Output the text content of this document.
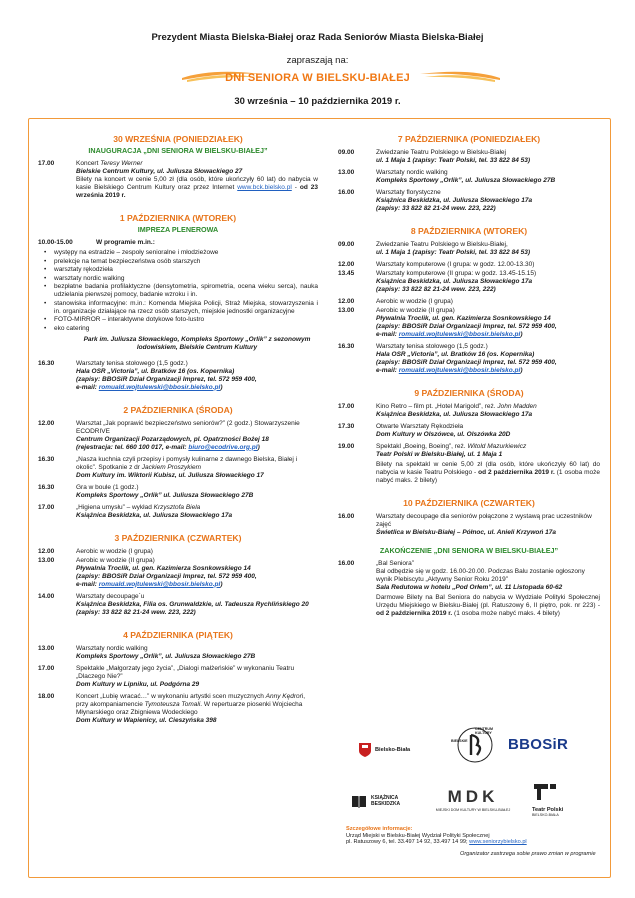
Prezydent Miasta Bielska-Białej oraz Rada Seniorów Miasta Bielska-Białej
zapraszają na:
DNI SENIORA W BIELSKU-BIAŁEJ
30 września – 10 października 2019 r.
30 WRZEŚNIA (PONIEDZIAŁEK)
INAUGURACJA „DNI SENIORA W BIELSKU-BIAŁEJ”
17.00	Koncert Teresy Werner
Bielskie Centrum Kultury, ul. Juliusza Słowackiego 27
Bilety na koncert w cenie 5,00 zł (dla osób, które ukończyły 60 lat) do nabycia w kasie Bielskiego Centrum Kultury oraz przez Internet www.bck.bielsko.pl - od 23 września 2019 r.
1 PAŹDZIERNIKA (WTOREK)
IMPREZA PLENEROWA
10.00-15.00	W programie m.in.:
• występy na estradzie – zespoły senioralne i młodzieżowe
• prelekcje na temat bezpieczeństwa osób starszych
• warsztaty rękodzieła
• warsztaty nordic walking
• bezpłatne badania profilaktyczne (densytometria, spirometria, ocena wieku serca), nauka udzielania pierwszej pomocy, badanie wzroku i in.
• stanowiska informacyjne: m.in.: Komenda Miejska Policji, Straż Miejska, stowarzyszenia i in. organizacje działające na rzecz osób starszych, miejskie jednostki organizacyjne
• FOTO-MIRROR – interaktywne dotykowe foto-lustro
• eko catering
Park im. Juliusza Słowackiego, Kompleks Sportowy „Orlik” z sezonowym lodowiskiem, Bielskie Centrum Kultury
16.30	Warsztaty tenisa stołowego (1,5 godz.)
Hala OSR „Victoria”, ul. Bratków 16 (os. Kopernika)
(zapisy: BBOSiR Dział Organizacji Imprez, tel. 572 959 400,
e-mail: romuald.wojtulewski@bbosir.bielsko.pl)
2 PAŹDZIERNIKA (ŚRODA)
12.00	Warsztat „Jak poprawić bezpieczeństwo seniorów?” (2 godz.) Stowarzyszenie ECODRIVE
Centrum Organizacji Pozarządowych, pl. Opatrzności Bożej 18
(rejestracja: tel. 660 100 017, e-mail: biuro@ecodrive.org.pl)
16.30	„Nasza kuchnia czyli przepisy i pomysły kulinarne z dawnego Bielska, Białej i okolic”. Spotkanie z dr Jackiem Proszykiem
Dom Kultury im. Wiktorii Kubisz, ul. Juliusza Słowackiego 17
16.30	Gra w boule (1 godz.)
Kompleks Sportowy „Orlik” ul. Juliusza Słowackiego 27B
17.00	„Higiena umysłu” – wykład Krzysztofa Biela
Książnica Beskidzka, ul. Juliusza Słowackiego 17a
3 PAŹDZIERNIKA (CZWARTEK)
12.00	Aerobic w wodzie (I grupa)
13.00	Aerobic w wodzie (II grupa)
Pływalnia Troclik, ul. gen. Kazimierza Sosnkowskiego 14
(zapisy: BBOSiR Dział Organizacji Imprez, tel. 572 959 400,
e-mail: romuald.wojtulewski@bbosir.bielsko.pl)
14.00	Warsztaty decoupage`u
Książnica Beskidzka, Filia os. Grunwaldzkie, ul. Tadeusza Rychlińskiego 20 (zapisy: 33 822 82 21-24 wew. 223, 222)
4 PAŹDZIERNIKA (PIĄTEK)
13.00	Warsztaty nordic walking
Kompleks Sportowy „Orlik”, ul. Juliusza Słowackiego 27B
17.00	Spektakle „Małgorzaty jego życia”, „Dialogi małżeńskie” w wykonaniu Teatru „Dlaczego Nie?”
Dom Kultury w Lipniku, ul. Podgórna 29
18.00	Koncert „Lubię wracać…” w wykonaniu artystki scen muzycznych Anny Kędroń, przy akompaniamencie Tymoteusza Tomali. W repertuarze piosenki Wojciecha Młynarskiego oraz Zbigniewa Wodeckiego
Dom Kultury w Wapienicy, ul. Cieszyńska 398
7 PAŹDZIERNIKA (PONIEDZIAŁEK)
09.00	Zwiedzanie Teatru Polskiego w Bielsku-Białej
ul. 1 Maja 1 (zapisy: Teatr Polski, tel. 33 822 84 53)
13.00	Warsztaty nordic walking
Kompleks Sportowy „Orlik”, ul. Juliusza Słowackiego 27B
16.00	Warsztaty florystyczne
Książnica Beskidzka, ul. Juliusza Słowackiego 17a
(zapisy: 33 822 82 21-24 wew. 223, 222)
8 PAŹDZIERNIKA (WTOREK)
09.00	Zwiedzanie Teatru Polskiego w Bielsku-Białej,
ul. 1 Maja 1 (zapisy: Teatr Polski, tel. 33 822 84 53)
12.00	Warsztaty komputerowe (I grupa: w godz. 12.00-13.30)
13.45	Warsztaty komputerowe (II grupa: w godz. 13.45-15.15)
Książnica Beskidzka, ul. Juliusza Słowackiego 17a
(zapisy: 33 822 82 21-24 wew. 223, 222)
12.00	Aerobic w wodzie (I grupa)
13.00	Aerobic w wodzie (II grupa)
Pływalnia Troclik, ul. gen. Kazimierza Sosnkowskiego 14
(zapisy: BBOSiR Dział Organizacji Imprez, tel. 572 959 400,
e-mail: romuald.wojtulewski@bbosir.bielsko.pl)
16.30	Warsztaty tenisa stołowego (1,5 godz.)
Hala OSR „Victoria”, ul. Bratków 16 (os. Kopernika)
(zapisy: BBOSiR Dział Organizacji Imprez, tel. 572 959 400,
e-mail: romuald.wojtulewski@bbosir.bielsko.pl)
9 PAŹDZIERNIKA (ŚRODA)
17.00	Kino Retro – film pt. „Hotel Marigold”, reż. John Madden
Książnica Beskidzka, ul. Juliusza Słowackiego 17a
17.30	Otwarte Warsztaty Rękodzieła
Dom Kultury w Olszówce, ul. Olszówka 20D
19.00	Spektakl „Boeing, Boeing”, reż. Witold Mazurkiewicz
Teatr Polski w Bielsku-Białej, ul. 1 Maja 1
Bilety na spektakl w cenie 5,00 zł (dla osób, które ukończyły 60 lat) do nabycia w kasie Teatru Polskiego - od 2 października 2019 r. (1 osoba może nabyć maks. 2 bilety)
10 PAŹDZIERNIKA (CZWARTEK)
16.00	Warsztaty decoupage dla seniorów połączone z wystawą prac uczestników zajęć
Świetlica w Bielsku-Białej – Północ, ul. Anieli Krzywoń 17a
ZAKOŃCZENIE „DNI SENIORA W BIELSKU-BIAŁEJ”
16.00	„Bal Seniora”
Bal odbędzie się w godz. 16.00-20.00. Podczas Balu zostanie ogłoszony wynik Plebiscytu „Aktywny Senior Roku 2019”
Sala Redutowa w hotelu „Pod Orłem”, ul. 11 Listopada 60-62
Darmowe Bilety na Bal Seniora do nabycia w Wydziale Polityki Społecznej Urzędu Miejskiego w Bielsku-Białej (pl. Ratuszowy 6, II piętro, pok. nr 223) - od 2 października 2019 r. (1 osoba może nabyć maks. 4 bilety)
Bielsko-Biała
CENTRUM KULTURY
BIELSKIE	BBOSiR
KSIĄŻNICA BESKIDZKA	MDK
MIEJSKI DOM KULTURY W BIELSKU-BIAŁEJ	Teatr Polski
BIELSKO-BIAŁA
Szczegółowe informacje:
Urząd Miejski w Bielsku-Białej Wydział Polityki Społecznej
pl. Ratuszowy 6, tel. 33.497 14 92, 33.497 14 99; www.seniorzybielsko.pl
Organizator zastrzega sobie prawo zmian w programie
